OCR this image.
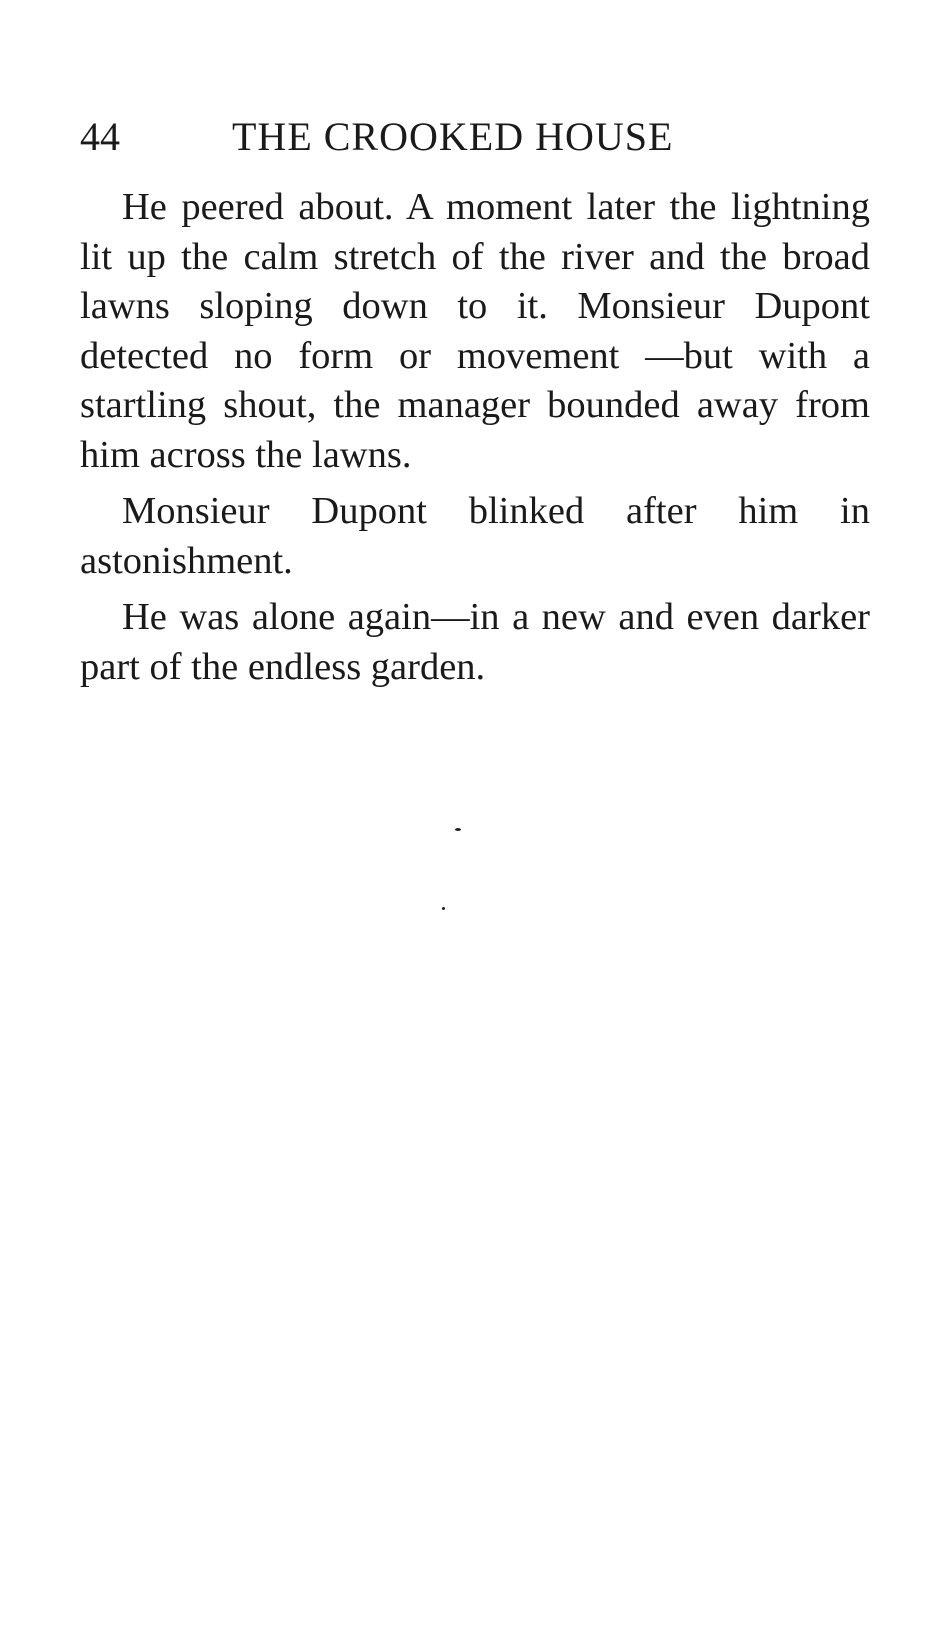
44	THE CROOKED HOUSE

He peered about. A moment later the lightning lit up the calm stretch of the river and the broad lawns sloping down to it. Monsieur Dupont detected no form or movement —but with a startling shout, the manager bounded away from him across the lawns.

Monsieur Dupont blinked after him in astonishment.

He was alone again—in a new and even darker part of the endless garden.
